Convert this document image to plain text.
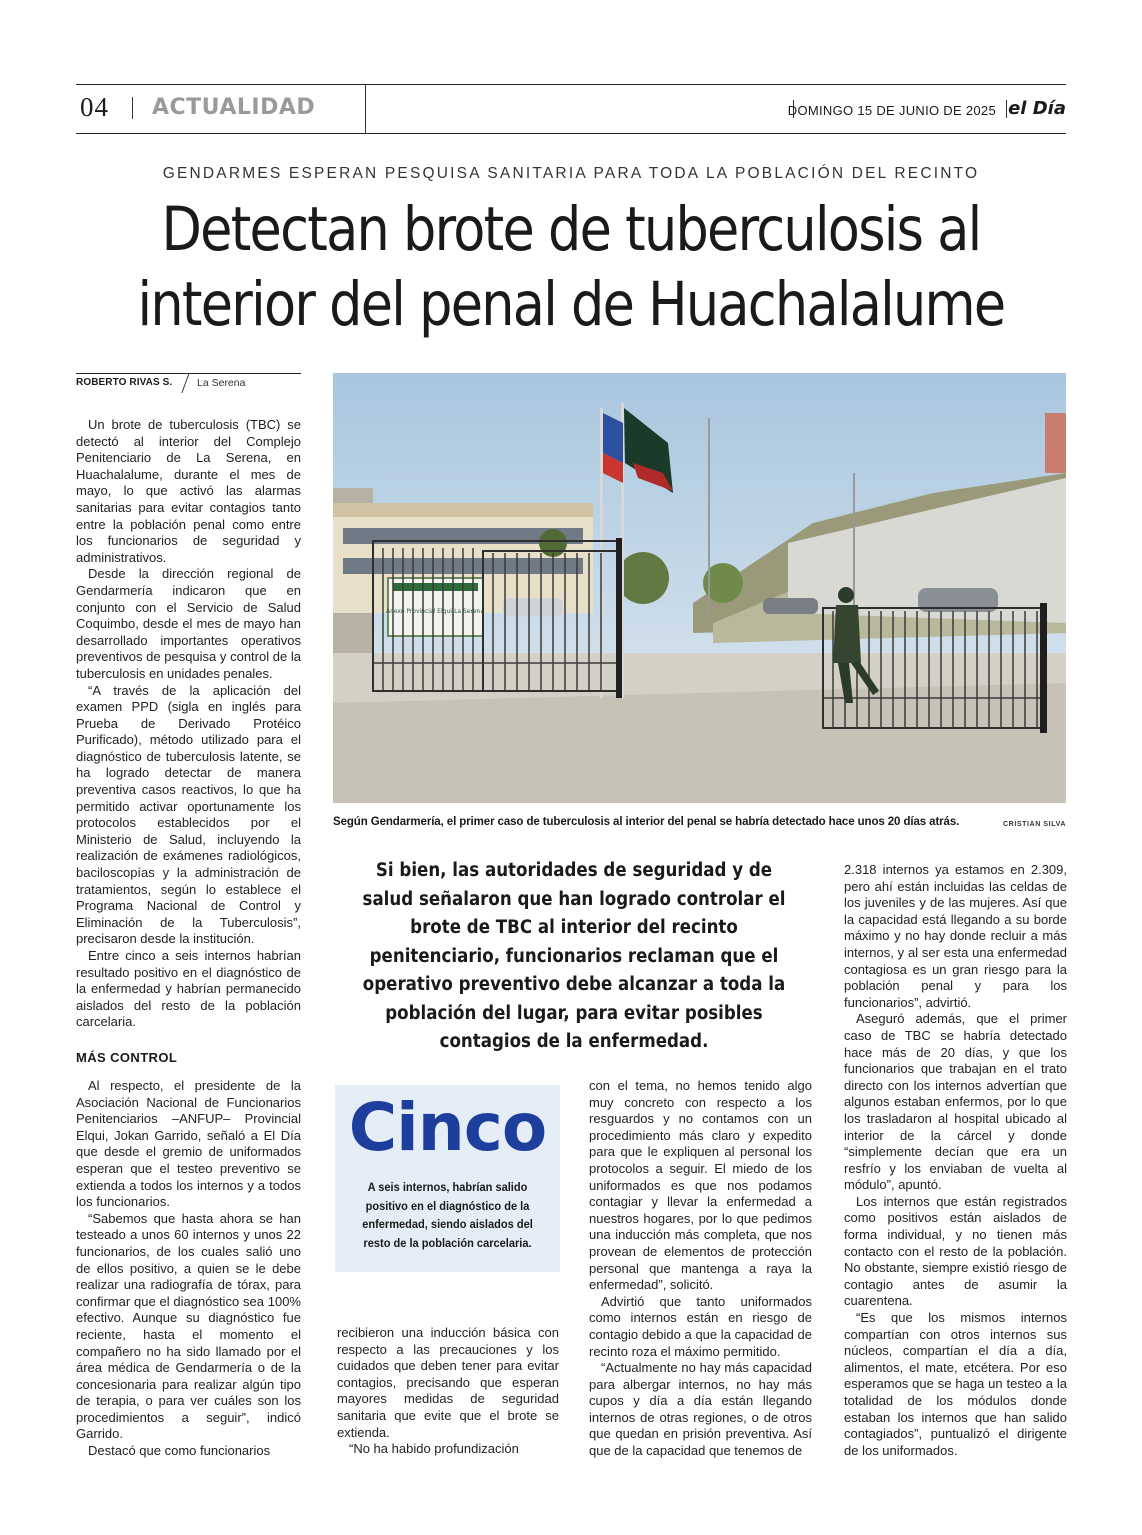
04 ACTUALIDAD	DOMINGO 15 DE JUNIO DE 2025 el Día
GENDARMES ESPERAN PESQUISA SANITARIA PARA TODA LA POBLACIÓN DEL RECINTO
Detectan brote de tuberculosis al
interior del penal de Huachalalume
ROBERTO RIVAS S. La Serena

Un brote de tuberculosis (TBC) se detectó al interior del Complejo Penitenciario de La Serena, en Huachalalume, durante el mes de mayo, lo que activó las alarmas sanitarias para evitar contagios tanto entre la población penal como entre los funcionarios de seguridad y administrativos.

Desde la dirección regional de Gendarmería indicaron que en conjunto con el Servicio de Salud Coquimbo, desde el mes de mayo han desarrollado importantes operativos preventivos de pesquisa y control de la tuberculosis en unidades penales.

“A través de la aplicación del examen PPD (sigla en inglés para Prueba de Derivado Protéico Purificado), método utilizado para el diagnóstico de tuberculosis latente, se ha logrado detectar de manera preventiva casos reactivos, lo que ha permitido activar oportunamente los protocolos establecidos por el Ministerio de Salud, incluyendo la realización de exámenes radiológicos, baciloscopías y la administración de tratamientos, según lo establece el Programa Nacional de Control y Eliminación de la Tuberculosis”, precisaron desde la institución.

Entre cinco a seis internos habrían resultado positivo en el diagnóstico de la enfermedad y habrían permanecido aislados del resto de la población carcelaria.

MÁS CONTROL

Al respecto, el presidente de la Asociación Nacional de Funcionarios Penitenciarios –ANFUP– Provincial Elqui, Jokan Garrido, señaló a El Día que desde el gremio de uniformados esperan que el testeo preventivo se extienda a todos los internos y a todos los funcionarios.

“Sabemos que hasta ahora se han testeado a unos 60 internos y unos 22 funcionarios, de los cuales salió uno de ellos positivo, a quien se le debe realizar una radiografía de tórax, para confirmar que el diagnóstico sea 100% efectivo. Aunque su diagnóstico fue reciente, hasta el momento el compañero no ha sido llamado por el área médica de Gendarmería o de la concesionaria para realizar algún tipo de terapia, o para ver cuáles son los procedimientos a seguir”, indicó Garrido.

Destacó que como funcionarios

Anexo Provincial Elqui-La Serena
Según Gendarmería, el primer caso de tuberculosis al interior del penal se habría detectado hace unos 20 días atrás.	CRISTIAN SILVA
Si bien, las autoridades de seguridad y de salud señalaron que han logrado controlar el brote de TBC al interior del recinto penitenciario, funcionarios reclaman que el operativo preventivo debe alcanzar a toda la población del lugar, para evitar posibles contagios de la enfermedad.
Cinco
A seis internos, habrían salido positivo en el diagnóstico de la enfermedad, siendo aislados del resto de la población carcelaria.

recibieron una inducción básica con respecto a las precauciones y los cuidados que deben tener para evitar contagios, precisando que esperan mayores medidas de seguridad sanitaria que evite que el brote se extienda.

“No ha habido profundización

con el tema, no hemos tenido algo muy concreto con respecto a los resguardos y no contamos con un procedimiento más claro y expedito para que le expliquen al personal los protocolos a seguir. El miedo de los uniformados es que nos podamos contagiar y llevar la enfermedad a nuestros hogares, por lo que pedimos una inducción más completa, que nos provean de elementos de protección personal que mantenga a raya la enfermedad”, solicitó.

Advirtió que tanto uniformados como internos están en riesgo de contagio debido a que la capacidad de recinto roza el máximo permitido.

“Actualmente no hay más capacidad para albergar internos, no hay más cupos y día a día están llegando internos de otras regiones, o de otros que quedan en prisión preventiva. Así que de la capacidad que tenemos de

2.318 internos ya estamos en 2.309, pero ahí están incluidas las celdas de los juveniles y de las mujeres. Así que la capacidad está llegando a su borde máximo y no hay donde recluir a más internos, y al ser esta una enfermedad contagiosa es un gran riesgo para la población penal y para los funcionarios”, advirtió.

Aseguró además, que el primer caso de TBC se habría detectado hace más de 20 días, y que los funcionarios que trabajan en el trato directo con los internos advertían que algunos estaban enfermos, por lo que los trasladaron al hospital ubicado al interior de la cárcel y donde “simplemente decían que era un resfrío y los enviaban de vuelta al módulo”, apuntó.

Los internos que están registrados como positivos están aislados de forma individual, y no tienen más contacto con el resto de la población. No obstante, siempre existió riesgo de contagio antes de asumir la cuarentena.

“Es que los mismos internos compartían con otros internos sus núcleos, compartían el día a día, alimentos, el mate, etcétera. Por eso esperamos que se haga un testeo a la totalidad de los módulos donde estaban los internos que han salido contagiados”, puntualizó el dirigente de los uniformados.
